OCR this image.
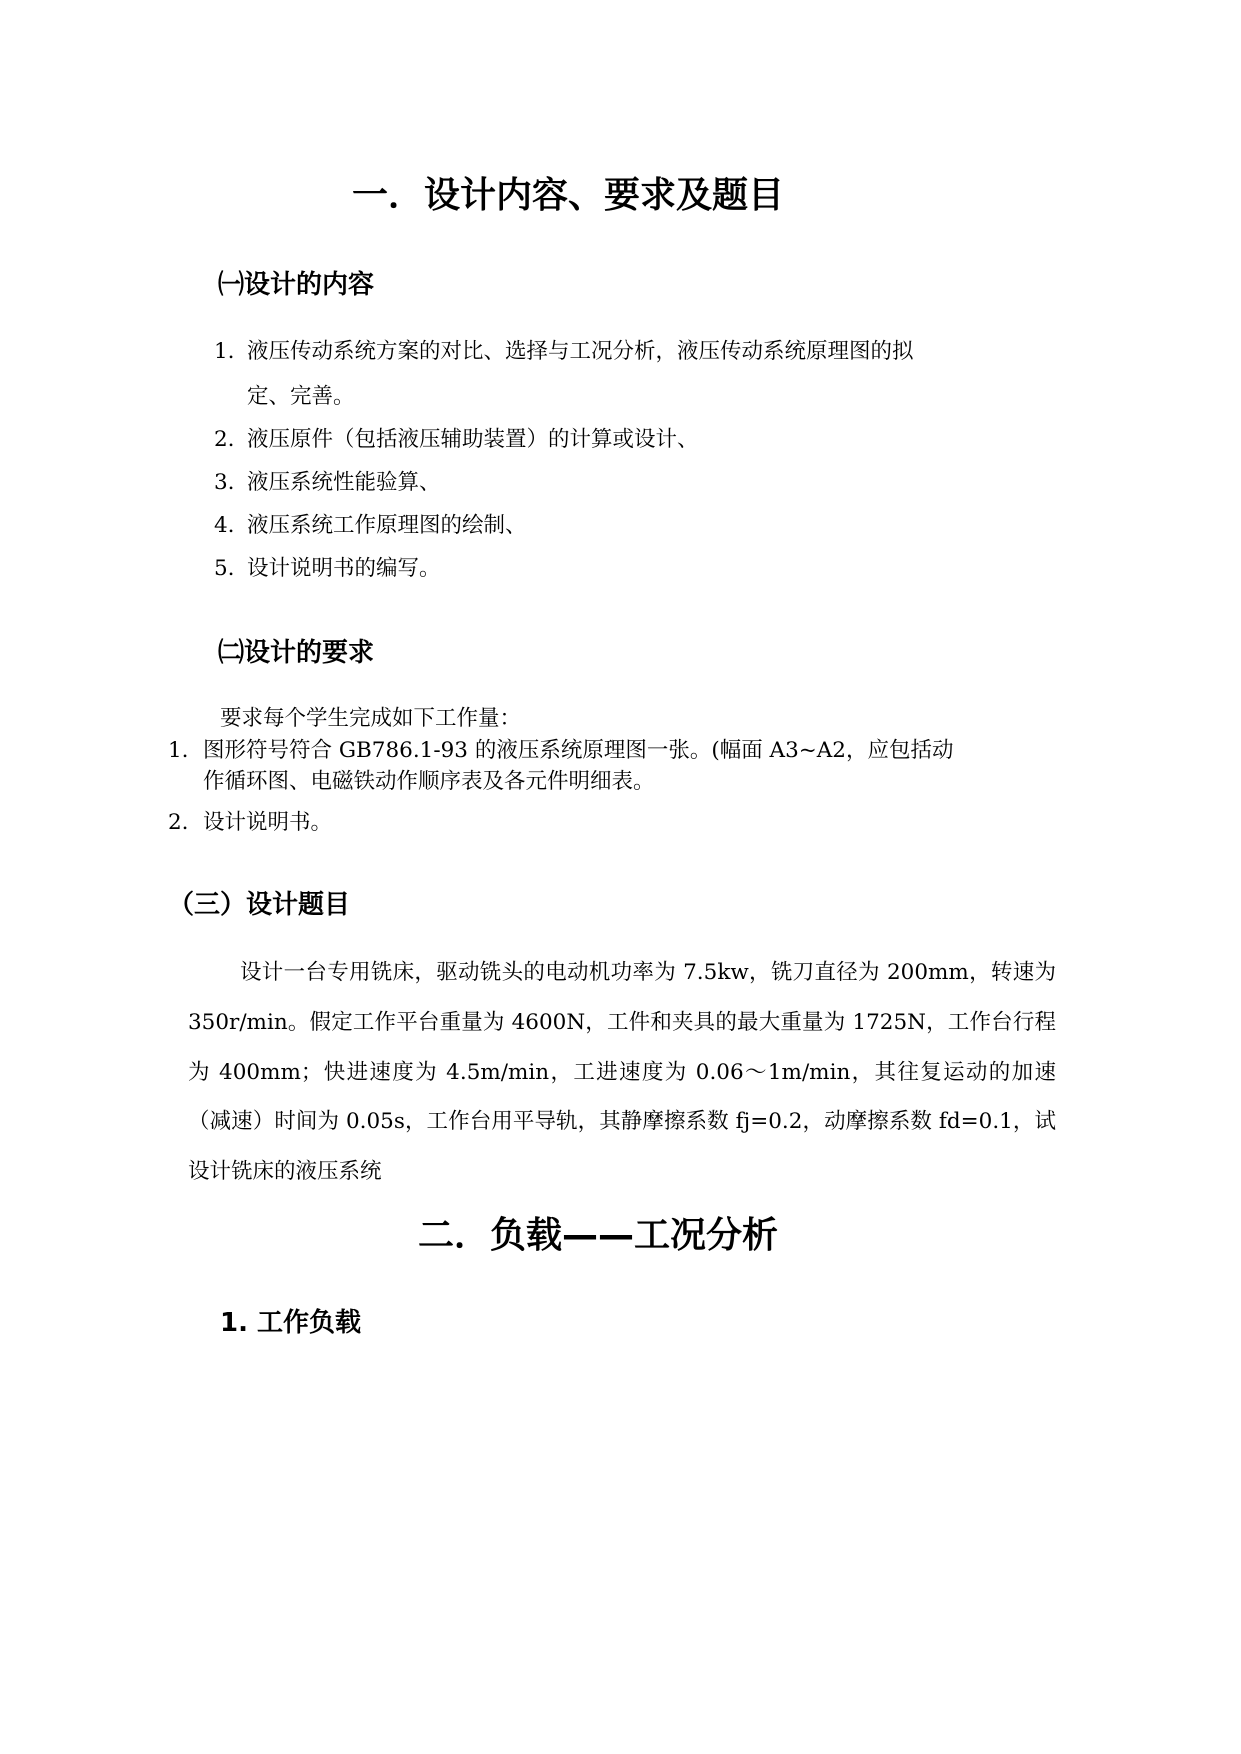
一．设计内容、要求及题目
㈠设计的内容
1. 液压传动系统方案的对比、选择与工况分析，液压传动系统原理图的拟
定、完善。
2. 液压原件（包括液压辅助装置）的计算或设计、
3. 液压系统性能验算、
4. 液压系统工作原理图的绘制、
5. 设计说明书的编写。
㈡设计的要求
要求每个学生完成如下工作量：
1. 图形符号符合 GB786.1-93 的液压系统原理图一张。(幅面 A3~A2，应包括动
作循环图、电磁铁动作顺序表及各元件明细表。
2. 设计说明书。
（三）设计题目
设计一台专用铣床，驱动铣头的电动机功率为 7.5kw，铣刀直径为 200mm，转速为 350r/min。假定工作平台重量为 4600N，工件和夹具的最大重量为 1725N，工作台行程为 400mm；快进速度为 4.5m/min，工进速度为 0.06～1m/min，其往复运动的加速（减速）时间为 0.05s，工作台用平导轨，其静摩擦系数 fj=0.2，动摩擦系数 fd=0.1，试设计铣床的液压系统
二．负载——工况分析
1. 工作负载
